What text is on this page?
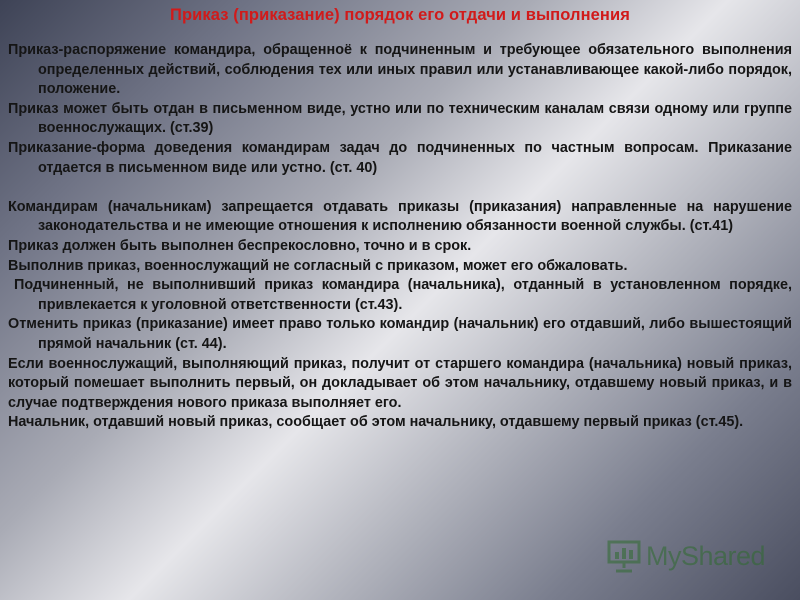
Приказ (приказание) порядок его отдачи и выполнения

Приказ-распоряжение командира, обращенноё к подчиненным и требующее обязательного выполнения определенных действий, соблюдения тех или иных правил или устанавливающее какой-либо порядок, положение.

Приказ может быть отдан в письменном виде, устно или по техническим каналам связи одному или группе военнослужащих. (ст.39)

Приказание-форма доведения командирам задач до подчиненных по частным вопросам. Приказание отдается в письменном виде или устно. (ст. 40)

Командирам (начальникам) запрещается отдавать приказы (приказания) направленные на нарушение законодательства и не имеющие отношения к исполнению обязанности военной службы. (ст.41)

Приказ должен быть выполнен беспрекословно, точно и в срок.

Выполнив приказ, военнослужащий не согласный с приказом, может его обжаловать.

Подчиненный, не выполнивший приказ командира (начальника), отданный в установленном порядке, привлекается к уголовной ответственности (ст.43).

Отменить приказ (приказание) имеет право только командир (начальник) его отдавший, либо вышестоящий прямой начальник (ст. 44).

Если военнослужащий, выполняющий приказ, получит от старшего командира (начальника) новый приказ, который помешает выполнить первый, он докладывает об этом начальнику, отдавшему новый приказ, и в случае подтверждения нового приказа выполняет его.

Начальник, отдавший новый приказ, сообщает об этом начальнику, отдавшему первый приказ (ст.45).

MyShared
